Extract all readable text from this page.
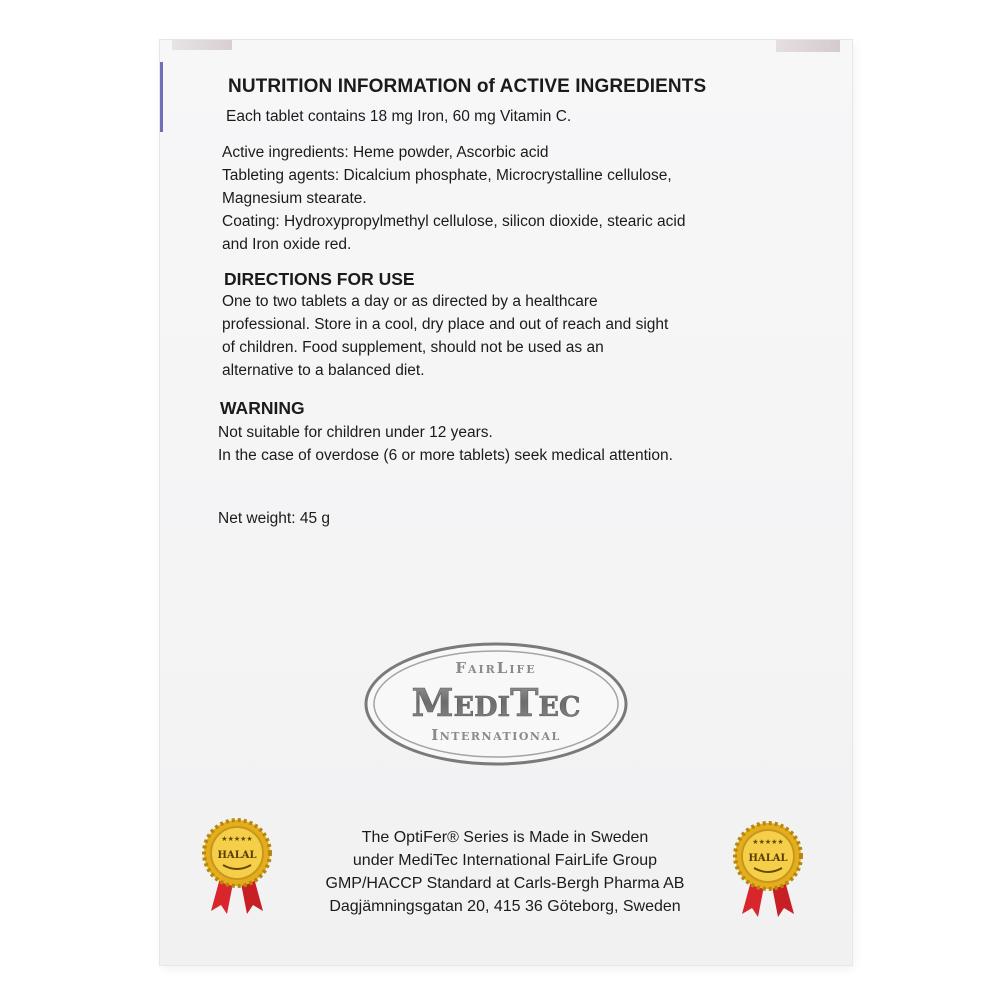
NUTRITION INFORMATION of ACTIVE INGREDIENTS

Each tablet contains 18 mg Iron, 60 mg Vitamin C.

Active ingredients: Heme powder, Ascorbic acid

Tableting agents: Dicalcium phosphate, Microcrystalline cellulose,

Magnesium stearate.

Coating: Hydroxypropylmethyl cellulose, silicon dioxide, stearic acid

and Iron oxide red.

DIRECTIONS FOR USE

One to two tablets a day or as directed by a healthcare

professional. Store in a cool, dry place and out of reach and sight

of children. Food supplement, should not be used as an

alternative to a balanced diet.

WARNING

Not suitable for children under 12 years.

In the case of overdose (6 or more tablets) seek medical attention.

Net weight: 45 g

FairLife
MediTec
International
★★★★★
HALAL
★★★★★
HALAL

The OptiFer® Series is Made in Sweden

under MediTec International FairLife Group

GMP/HACCP Standard at Carls-Bergh Pharma AB

Dagjämningsgatan 20, 415 36 Göteborg, Sweden
